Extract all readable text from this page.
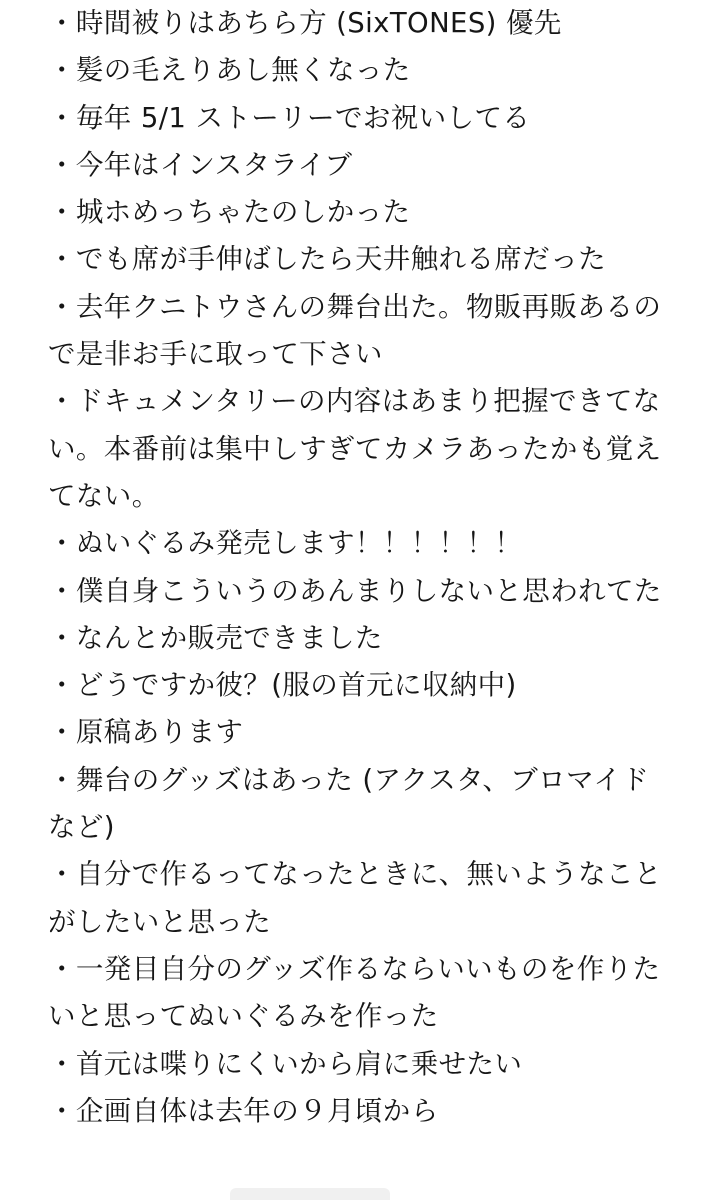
・時間被りはあちら方 (SixTONES) 優先
・髪の毛えりあし無くなった
・毎年 5/1 ストーリーでお祝いしてる
・今年はインスタライブ
・城ホめっちゃたのしかった
・でも席が手伸ばしたら天井触れる席だった
・去年クニトウさんの舞台出た。物販再販あるので是非お手に取って下さい
・ドキュメンタリーの内容はあまり把握できてない。本番前は集中しすぎてカメラあったかも覚えてない。
・ぬいぐるみ発売します！！！！！！
・僕自身こういうのあんまりしないと思われてた
・なんとか販売できました
・どうですか彼？(服の首元に収納中)
・原稿あります
・舞台のグッズはあった (アクスタ、ブロマイドなど)
・自分で作るってなったときに、無いようなことがしたいと思った
・一発目自分のグッズ作るならいいものを作りたいと思ってぬいぐるみを作った
・首元は喋りにくいから肩に乗せたい
・企画自体は去年の９月頃から
